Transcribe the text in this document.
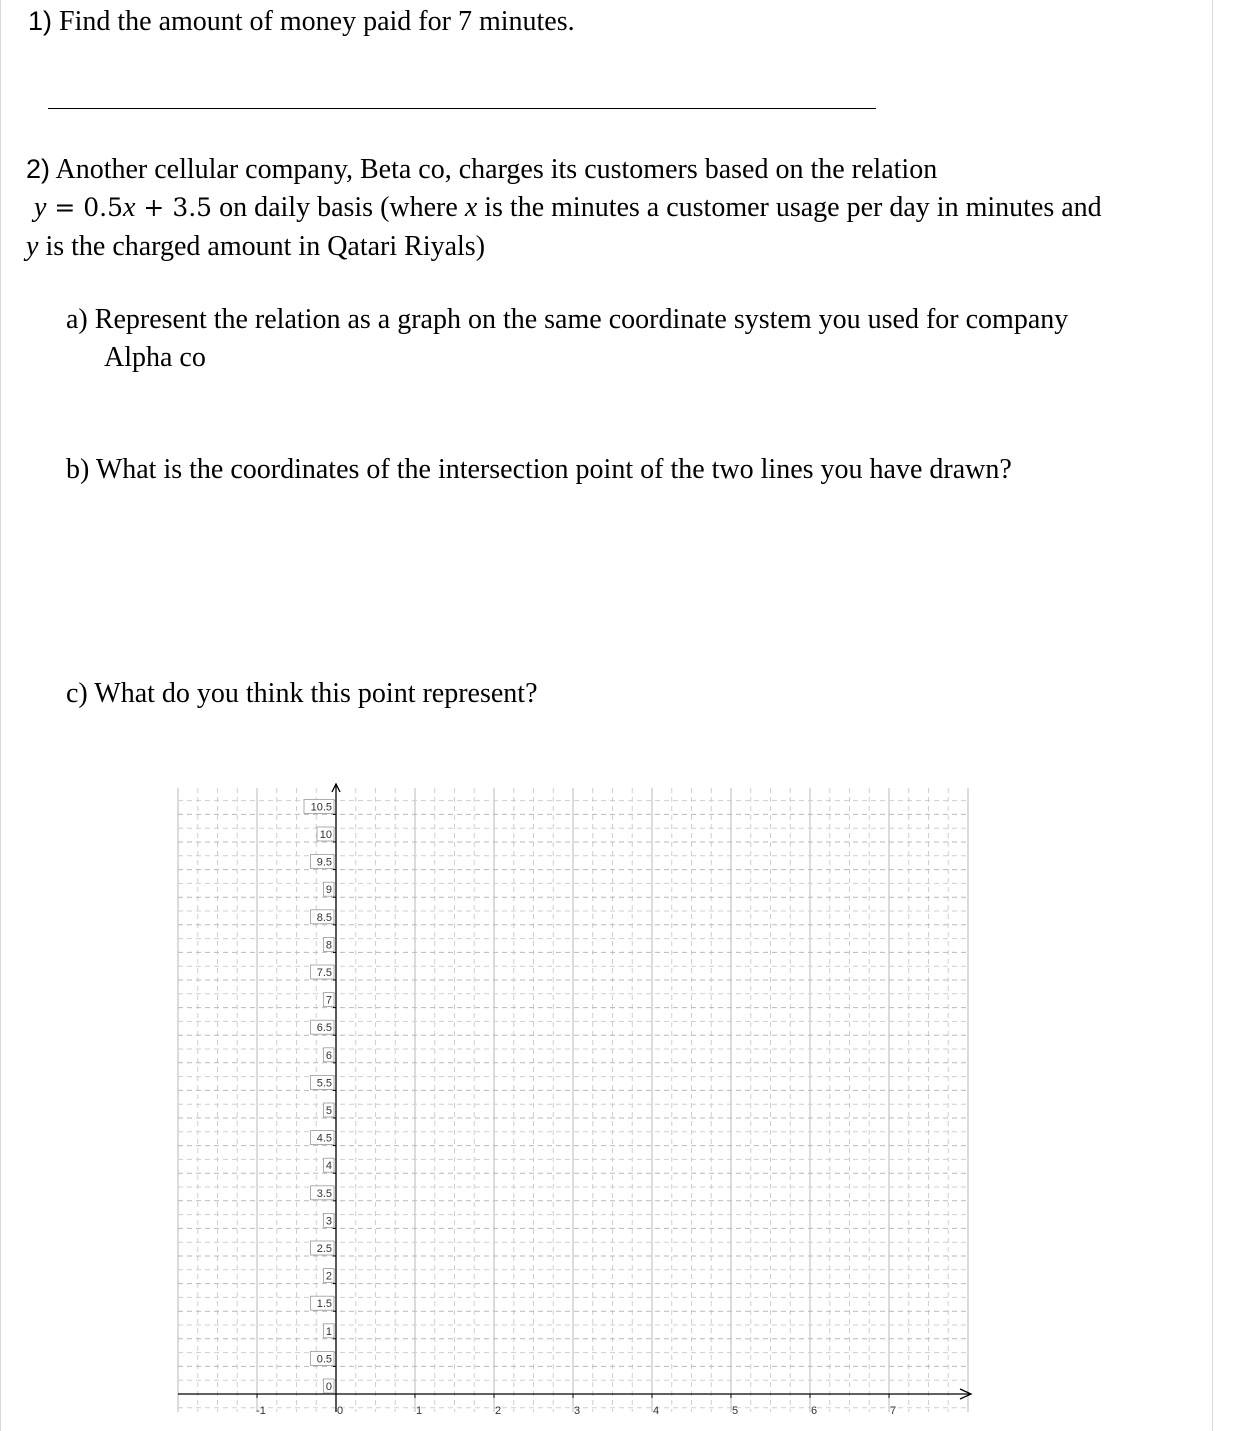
1) Find the amount of money paid for 7 minutes.
2) Another cellular company, Beta co, charges its customers based on the relation
y = 0.5x + 3.5 on daily basis (where x is the minutes a customer usage per day in minutes and
y is the charged amount in Qatari Riyals)
a) Represent the relation as a graph on the same coordinate system you used for company
Alpha co
b) What is the coordinates of the intersection point of the two lines you have drawn?
c) What do you think this point represent?
0
0.5
1
1.5
2
2.5
3
3.5
4
4.5
5
5.5
6
6.5
7
7.5
8
8.5
9
9.5
10
10.5
-1	0	1	2	3	4	5	6	7
